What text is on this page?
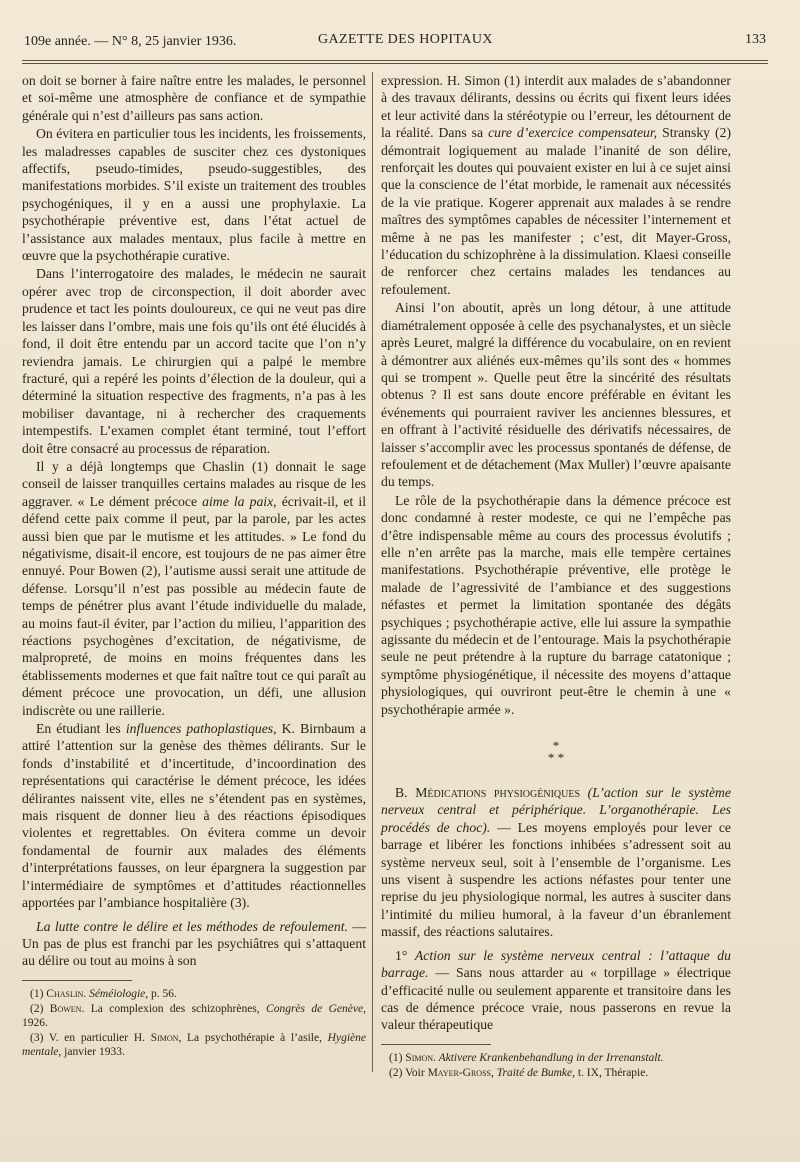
109e année. — N° 8, 25 janvier 1936.	GAZETTE DES HOPITAUX	133

on doit se borner à faire naître entre les malades, le personnel et soi-même une atmosphère de confiance et de sympathie générale qui n’est d’ailleurs pas sans action.

On évitera en particulier tous les incidents, les froissements, les maladresses capables de susciter chez ces dystoniques affectifs, pseudo-timides, pseudo-suggestibles, des manifestations morbides. S’il existe un traitement des troubles psychogéniques, il y en a aussi une prophylaxie. La psychothérapie préventive est, dans l’état actuel de l’assistance aux malades mentaux, plus facile à mettre en œuvre que la psychothérapie curative.

Dans l’interrogatoire des malades, le médecin ne saurait opérer avec trop de circonspection, il doit aborder avec prudence et tact les points douloureux, ce qui ne veut pas dire les laisser dans l’ombre, mais une fois qu’ils ont été élucidés à fond, il doit être entendu par un accord tacite que l’on n’y reviendra jamais. Le chirurgien qui a palpé le membre fracturé, qui a repéré les points d’élection de la douleur, qui a déterminé la situation respective des fragments, n’a pas à les mobiliser davantage, ni à rechercher des craquements intempestifs. L’examen complet étant terminé, tout l’effort doit être consacré au processus de réparation.

Il y a déjà longtemps que Chaslin (1) donnait le sage conseil de laisser tranquilles certains malades au risque de les aggraver. « Le dément précoce aime la paix, écrivait-il, et il défend cette paix comme il peut, par la parole, par les actes aussi bien que par le mutisme et les attitudes. » Le fond du négativisme, disait-il encore, est toujours de ne pas aimer être ennuyé. Pour Bowen (2), l’autisme aussi serait une attitude de défense. Lorsqu’il n’est pas possible au médecin faute de temps de pénétrer plus avant l’étude individuelle du malade, au moins faut-il éviter, par l’action du milieu, l’apparition des réactions psychogènes d’excitation, de négativisme, de malpropreté, de moins en moins fréquentes dans les établissements modernes et que fait naître tout ce qui paraît au dément précoce une provocation, un défi, une allusion indiscrète ou une raillerie.

En étudiant les influences pathoplastiques, K. Birnbaum a attiré l’attention sur la genèse des thèmes délirants. Sur le fonds d’instabilité et d’incertitude, d’incoordination des représentations qui caractérise le dément précoce, les idées délirantes naissent vite, elles ne s’étendent pas en systèmes, mais risquent de donner lieu à des réactions épisodiques violentes et regrettables. On évitera comme un devoir fondamental de fournir aux malades des éléments d’interprétations fausses, on leur épargnera la suggestion par l’intermédiaire de symptômes et d’attitudes réactionnelles apportées par l’ambiance hospitalière (3).

La lutte contre le délire et les méthodes de refoulement. — Un pas de plus est franchi par les psychiâtres qui s’attaquent au délire ou tout au moins à son

(1) Chaslin. Séméiologie, p. 56.

(2) Bowen. La complexion des schizophrènes, Congrès de Genève, 1926.

(3) V. en particulier H. Simon, La psychothérapie à l’asile, Hygiène mentale, janvier 1933.

expression. H. Simon (1) interdit aux malades de s’abandonner à des travaux délirants, dessins ou écrits qui fixent leurs idées et leur activité dans la stéréotypie ou l’erreur, les détournent de la réalité. Dans sa cure d’exercice compensateur, Stransky (2) démontrait logiquement au malade l’inanité de son délire, renforçait les doutes qui pouvaient exister en lui à ce sujet ainsi que la conscience de l’état morbide, le ramenait aux nécessités de la vie pratique. Kogerer apprenait aux malades à se rendre maîtres des symptômes capables de nécessiter l’internement et même à ne pas les manifester ; c’est, dit Mayer-Gross, l’éducation du schizophrène à la dissimulation. Klaesi conseille de renforcer chez certains malades les tendances au refoulement.

Ainsi l’on aboutit, après un long détour, à une attitude diamétralement opposée à celle des psychanalystes, et un siècle après Leuret, malgré la différence du vocabulaire, on en revient à démontrer aux aliénés eux-mêmes qu’ils sont des « hommes qui se trompent ». Quelle peut être la sincérité des résultats obtenus ? Il est sans doute encore préférable en évitant les événements qui pourraient raviver les anciennes blessures, et en offrant à l’activité résiduelle des dérivatifs nécessaires, de laisser s’accomplir avec les processus spontanés de défense, de refoulement et de détachement (Max Muller) l’œuvre apaisante du temps.

Le rôle de la psychothérapie dans la démence précoce est donc condamné à rester modeste, ce qui ne l’empêche pas d’être indispensable même au cours des processus évolutifs ; elle n’en arrête pas la marche, mais elle tempère certaines manifestations. Psychothérapie préventive, elle protège le malade de l’agressivité de l’ambiance et des suggestions néfastes et permet la limitation spontanée des dégâts psychiques ; psychothérapie active, elle lui assure la sympathie agissante du médecin et de l’entourage. Mais la psychothérapie seule ne peut prétendre à la rupture du barrage catatonique ; symptôme physiogénétique, il nécessite des moyens d’attaque physiologiques, qui ouvriront peut-être le chemin à une « psychothérapie armée ».

*
* *

B. Médications physiogéniques (L’action sur le système nerveux central et périphérique. L’organothérapie. Les procédés de choc). — Les moyens employés pour lever ce barrage et libérer les fonctions inhibées s’adressent soit au système nerveux seul, soit à l’ensemble de l’organisme. Les uns visent à suspendre les actions néfastes pour tenter une reprise du jeu physiologique normal, les autres à susciter dans l’intimité du milieu humoral, à la faveur d’un ébranlement massif, des réactions salutaires.

1° Action sur le système nerveux central : l’attaque du barrage. — Sans nous attarder au « torpillage » électrique d’efficacité nulle ou seulement apparente et transitoire dans les cas de démence précoce vraie, nous passerons en revue la valeur thérapeutique

(1) Simon. Aktivere Krankenbehandlung in der Irrenanstalt.

(2) Voir Mayer-Gross, Traité de Bumke, t. IX, Thérapie.
